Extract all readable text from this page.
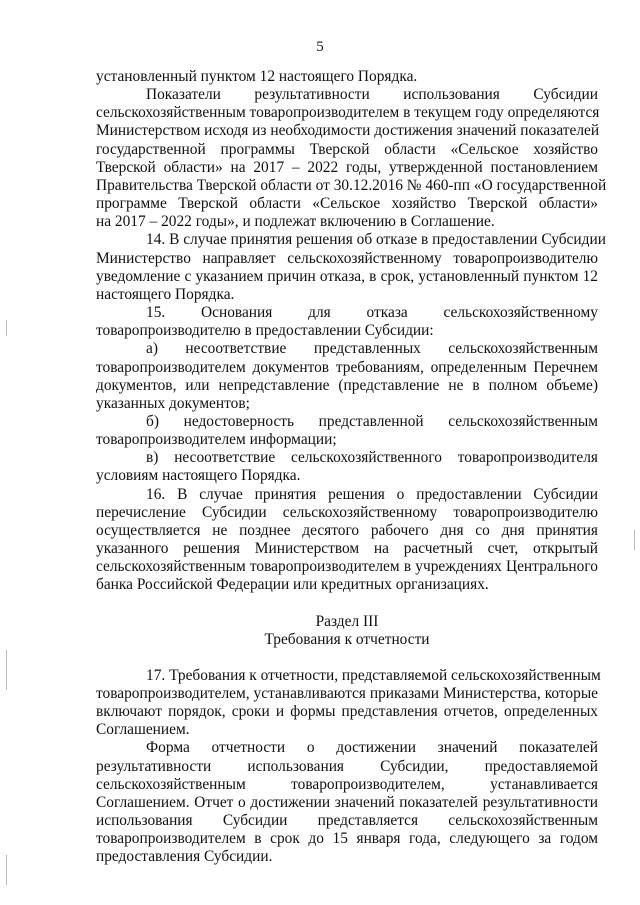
5
установленный пунктом 12 настоящего Порядка.
Показатели результативности использования Субсидии
сельскохозяйственным товаропроизводителем в текущем году определяются
Министерством исходя из необходимости достижения значений показателей
государственной программы Тверской области «Сельское хозяйство
Тверской области» на 2017 – 2022 годы, утвержденной постановлением
Правительства Тверской области от 30.12.2016 № 460-пп «О государственной
программе Тверской области «Сельское хозяйство Тверской области»
на 2017 – 2022 годы», и подлежат включению в Соглашение.
14. В случае принятия решения об отказе в предоставлении Субсидии
Министерство направляет сельскохозяйственному товаропроизводителю
уведомление с указанием причин отказа, в срок, установленный пунктом 12
настоящего Порядка.
15. Основания для отказа сельскохозяйственному
товаропроизводителю в предоставлении Субсидии:
а) несоответствие представленных сельскохозяйственным
товаропроизводителем документов требованиям, определенным Перечнем
документов, или непредставление (представление не в полном объеме)
указанных документов;
б) недостоверность представленной сельскохозяйственным
товаропроизводителем информации;
в) несоответствие сельскохозяйственного товаропроизводителя
условиям настоящего Порядка.
16. В случае принятия решения о предоставлении Субсидии
перечисление Субсидии сельскохозяйственному товаропроизводителю
осуществляется не позднее десятого рабочего дня со дня принятия
указанного решения Министерством на расчетный счет, открытый
сельскохозяйственным товаропроизводителем в учреждениях Центрального
банка Российской Федерации или кредитных организациях.
Раздел III
Требования к отчетности
17. Требования к отчетности, представляемой сельскохозяйственным
товаропроизводителем, устанавливаются приказами Министерства, которые
включают порядок, сроки и формы представления отчетов, определенных
Соглашением.
Форма отчетности о достижении значений показателей
результативности использования Субсидии, предоставляемой
сельскохозяйственным товаропроизводителем, устанавливается
Соглашением. Отчет о достижении значений показателей результативности
использования Субсидии представляется сельскохозяйственным
товаропроизводителем в срок до 15 января года, следующего за годом
предоставления Субсидии.
